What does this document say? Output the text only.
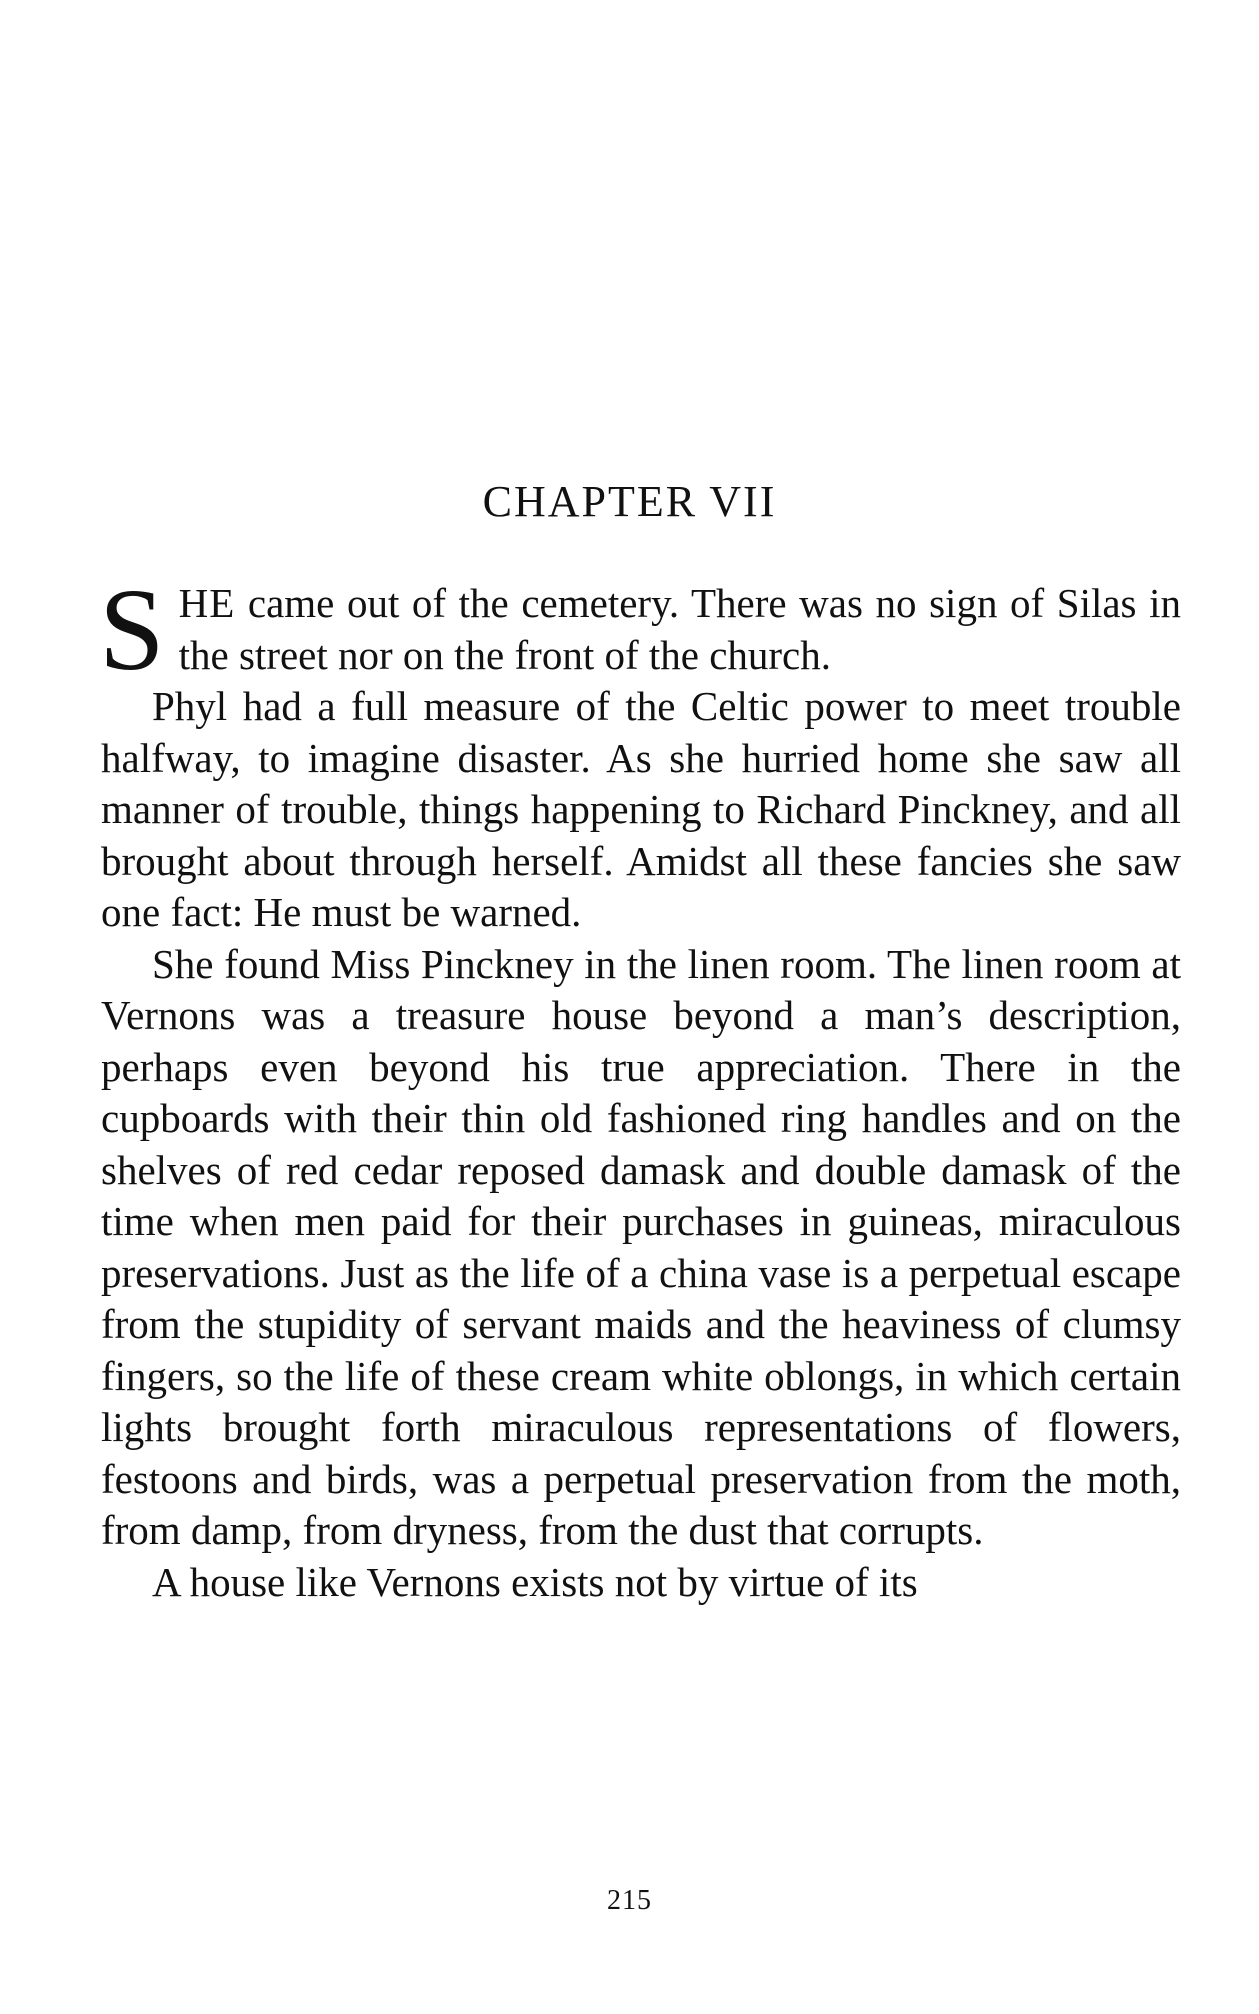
CHAPTER VII

SHE came out of the cemetery. There was no sign of Silas in the street nor on the front of the church.

Phyl had a full measure of the Celtic power to meet trouble halfway, to imagine disaster. As she hurried home she saw all manner of trouble, things happening to Richard Pinckney, and all brought about through herself. Amidst all these fancies she saw one fact: He must be warned.

She found Miss Pinckney in the linen room. The linen room at Vernons was a treasure house beyond a man’s description, perhaps even beyond his true appreciation. There in the cupboards with their thin old fashioned ring handles and on the shelves of red cedar reposed damask and double damask of the time when men paid for their purchases in guineas, miraculous preservations. Just as the life of a china vase is a perpetual escape from the stupidity of servant maids and the heaviness of clumsy fingers, so the life of these cream white oblongs, in which certain lights brought forth miraculous representations of flowers, festoons and birds, was a perpetual preservation from the moth, from damp, from dryness, from the dust that corrupts.

A house like Vernons exists not by virtue of its

215
